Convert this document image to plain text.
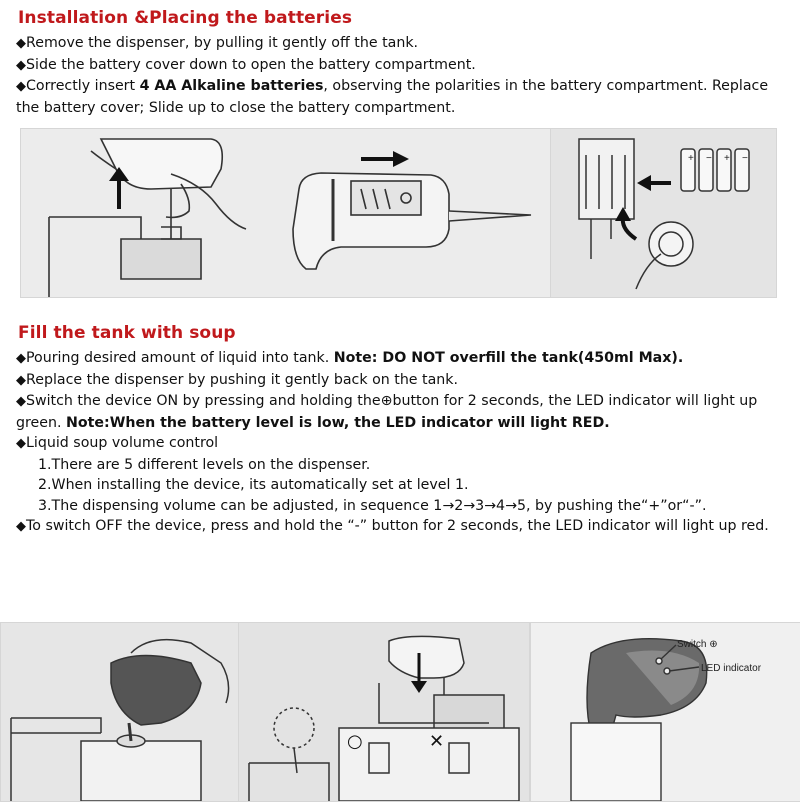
Installation &Placing the batteries
◆Remove the dispenser, by pulling it gently off the tank.
◆Side the battery cover down to open the battery compartment.
◆Correctly insert 4 AA Alkaline batteries, observing the polarities in the battery compartment. Replace the battery cover; Slide up to close the battery compartment.
+ − + −
Fill the tank with soup
◆Pouring desired amount of liquid into tank. Note: DO NOT overfill the tank(450ml Max).
◆Replace the dispenser by pushing it gently back on the tank.
◆Switch the device ON by pressing and holding the⊕button for 2 seconds, the LED indicator will light up green. Note:When the battery level is low, the LED indicator will light RED.
◆Liquid soup volume control
1.There are 5 different levels on the dispenser.
2.When installing the device, its automatically set at level 1.
3.The dispensing volume can be adjusted, in sequence 1→2→3→4→5, by pushing the“+”or“-”.
◆To switch OFF the device, press and hold the “-” button for 2 seconds, the LED indicator will light up red.
○	✕
Switch ⊕
LED indicator
